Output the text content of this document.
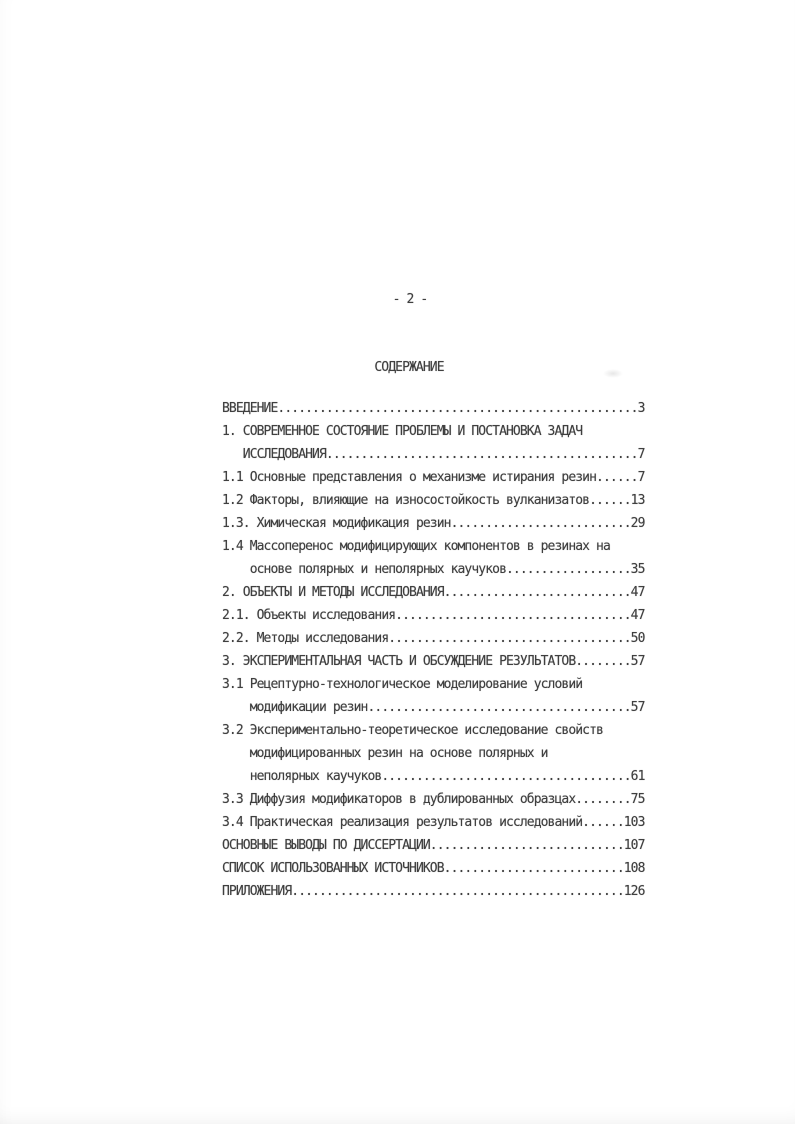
- 2 -
СОДЕРЖАНИЕ
ВВЕДЕНИЕ....................................................3
1. СОВРЕМЕННОЕ СОСТОЯНИЕ ПРОБЛЕМЫ И ПОСТАНОВКА ЗАДАЧ
ИССЛЕДОВАНИЯ.............................................7
1.1 Основные представления о механизме истирания резин......7
1.2 Факторы, влияющие на износостойкость вулканизатов......13
1.3. Химическая модификация резин..........................29
1.4 Массоперенос модифицирующих компонентов в резинах на
основе полярных и неполярных каучуков..................35
2. ОБЪЕКТЫ И МЕТОДЫ ИССЛЕДОВАНИЯ...........................47
2.1. Объекты исследования..................................47
2.2. Методы исследования...................................50
3. ЭКСПЕРИМЕНТАЛЬНАЯ ЧАСТЬ И ОБСУЖДЕНИЕ РЕЗУЛЬТАТОВ........57
3.1 Рецептурно-технологическое моделирование условий
модификации резин......................................57
3.2 Экспериментально-теоретическое исследование свойств
модифицированных резин на основе полярных и
неполярных каучуков....................................61
3.3 Диффузия модификаторов в дублированных образцах........75
3.4 Практическая реализация результатов исследований......103
ОСНОВНЫЕ ВЫВОДЫ ПО ДИССЕРТАЦИИ............................107
СПИСОК ИСПОЛЬЗОВАННЫХ ИСТОЧНИКОВ..........................108
ПРИЛОЖЕНИЯ................................................126
